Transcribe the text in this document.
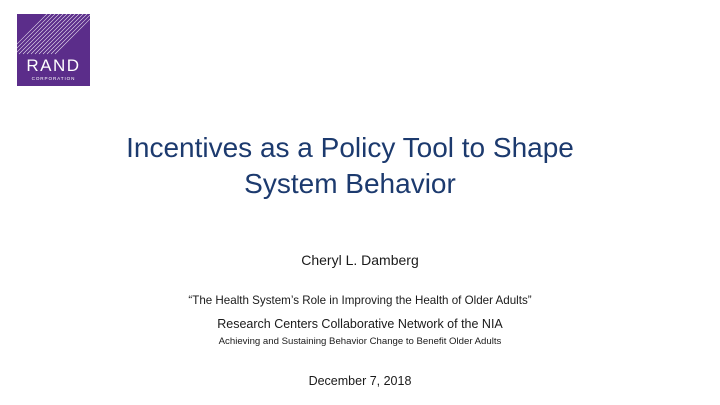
RAND
CORPORATION
Incentives as a Policy Tool to Shape
System Behavior
Cheryl L. Damberg
“The Health System’s Role in Improving the Health of Older Adults”
Research Centers Collaborative Network of the NIA
Achieving and Sustaining Behavior Change to Benefit Older Adults
December 7, 2018
